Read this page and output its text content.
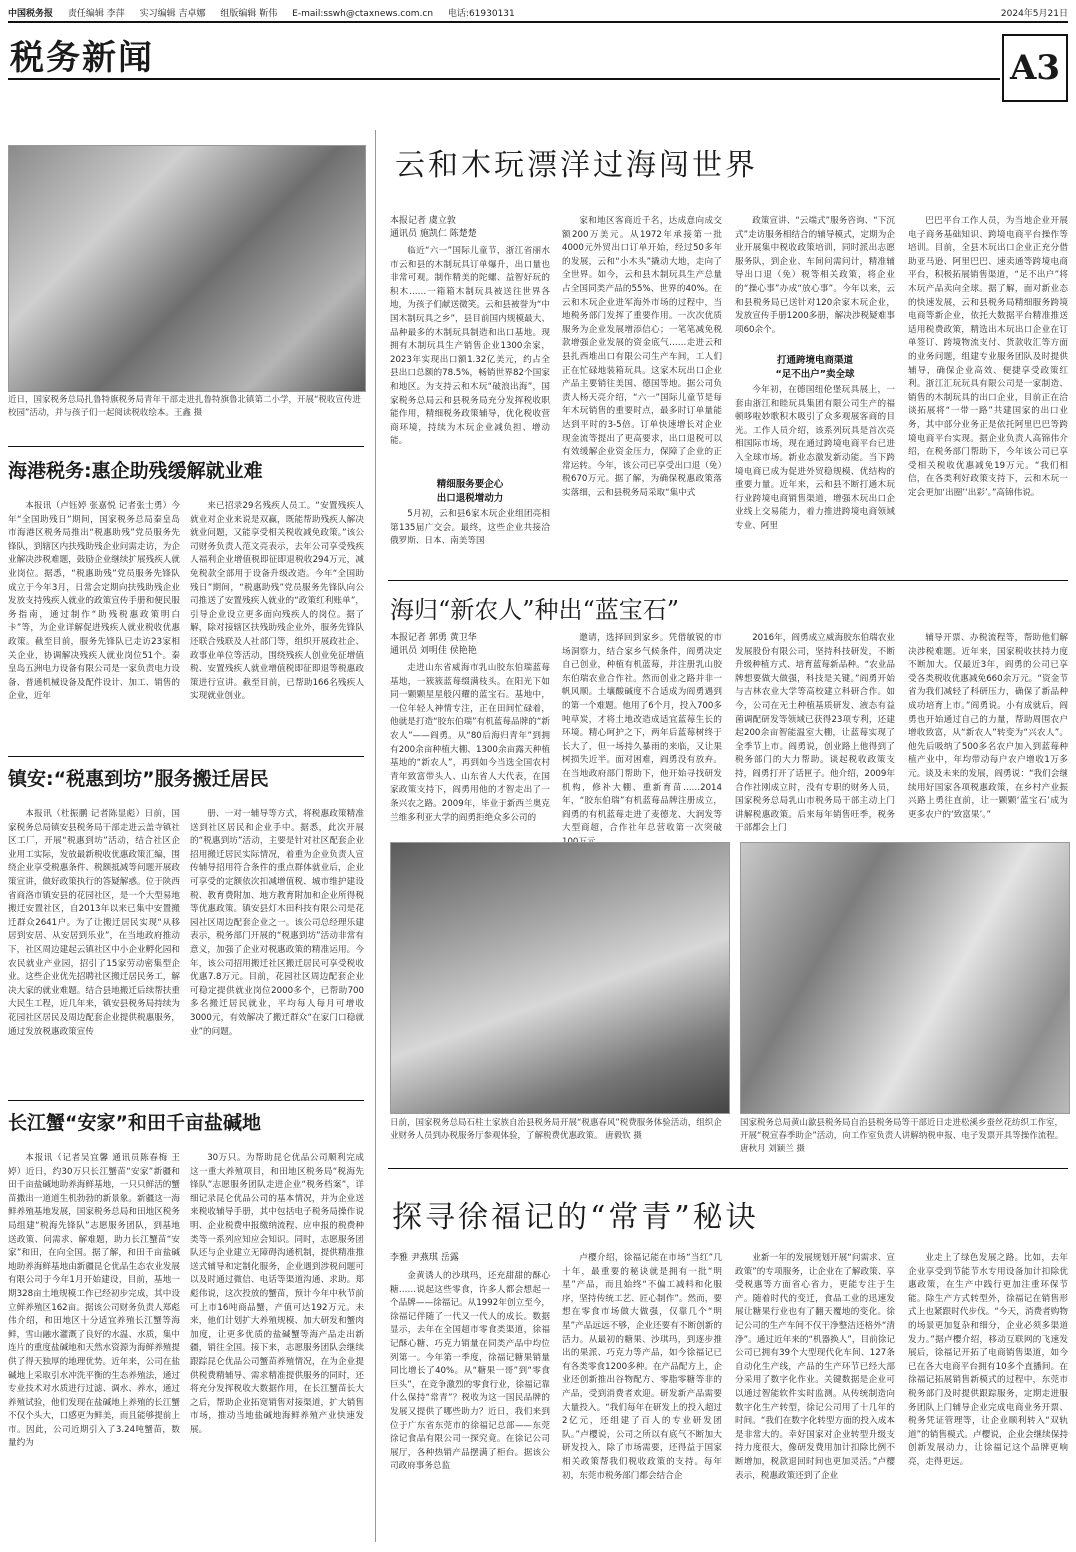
中国税务报 责任编辑 李萍 实习编辑 吉卓娜 组版编辑 靳伟 E-mail:sswh@ctaxnews.com.cn 电话:61930131	2024年5月21日
税务新闻	A3
近日，国家税务总局扎鲁特旗税务局青年干部走进扎鲁特旗鲁北镇第二小学，开展“税收宣传进校园”活动，并与孩子们一起阅读税收绘本。王鑫 摄
海港税务:惠企助残缓解就业难

本报讯（卢钰婷 张嘉悦 记者张士勇）今年“全国助残日”期间，国家税务总局秦皇岛市海港区税务局推出“税惠助残”党员服务先锋队，到辖区内扶残助残企业问需走访，为企业解决涉税难题，鼓励企业继续扩展残疾人就业岗位。据悉，“税惠助残”党员服务先锋队成立于今年3月，日常会定期向扶残助残企业发放支持残疾人就业的政策宣传手册和便民服务指南，通过制作“助残税惠政策明白卡”等，为企业详解促进残疾人就业税收优惠政策。截至目前，服务先锋队已走访23家相关企业，协调解决残疾人就业岗位51个。秦皇岛五洲电力设备有限公司是一家负责电力设备、普通机械设备及配件设计、加工、销售的企业，近年

来已招录29名残疾人员工。“安置残疾人就业对企业来说是双赢，既能帮助残疾人解决就业问题，又能享受相关税收减免政策。”该公司财务负责人范文亮表示，去年公司享受残疾人福利企业增值税即征即退税收294万元，减免税款全部用于设备升级改造。今年“全国助残日”期间，“税惠助残”党员服务先锋队向公司推送了安置残疾人就业的“政策红利账单”，引导企业设立更多面向残疾人的岗位。据了解，除对接辖区扶残助残企业外，服务先锋队还联合残联及人社部门等，组织开展政社企、政事业单位等活动，围绕残疾人创业免征增值税、安置残疾人就业增值税即征即退等税惠政策进行宣讲。截至目前，已帮助166名残疾人实现就业创业。

镇安:“税惠到坊”服务搬迁居民

本报讯（杜振鹏 记者陈显彪）日前，国家税务总局镇安县税务局干部走进云盖寺镇社区工厂，开展“税惠到坊”活动，结合社区企业用工实际，发放最新税收优惠政策汇编，围绕企业享受税惠条件、税额抵减等问题开展政策宣讲，做好政策执行的答疑解惑。位于陕西省商洛市镇安县的花园社区，是一个大型易地搬迁安置社区，自2013年以来已集中安置搬迁群众2641户。为了让搬迁居民实现“从移居到安居、从安居到乐业”，在当地政府推动下，社区周边建起云镇社区中小企业孵化园和农民就业产业园，招引了15家劳动密集型企业。这些企业优先招聘社区搬迁居民务工，解决大家的就业难题。结合县地搬迁后续帮扶重大民生工程，近几年来，镇安县税务局持续为花园社区居民及周边配套企业提供税惠服务，通过发放税惠政策宣传

册、一对一辅导等方式，将税惠政策精准送到社区居民和企业手中。据悉，此次开展的“税惠到坊”活动，主要是针对社区配套企业招用搬迁居民实际情况，着重为企业负责人宣传辅导招用符合条件的重点群体就业后，企业可享受的定额依次扣减增值税、城市维护建设税、教育费附加、地方教育附加和企业所得税等优惠政策。镇安县灯木田科技有限公司是花园社区周边配套企业之一。该公司总经理乐建表示，税务部门开展的“税惠到坊”活动非常有意义，加强了企业对税惠政策的精准运用。今年，该公司招用搬迁社区搬迁居民可享受税收优惠7.8万元。目前，花园社区周边配套企业可稳定提供就业岗位2000多个，已帮助700多名搬迁居民就业，平均每人每月可增收3000元，有效解决了搬迁群众“在家门口稳就业”的问题。

长江蟹“安家”和田千亩盐碱地

本报讯（记者吴宜馨 通讯员陈春梅 王婷）近日，约30万只长江蟹苗“安家”新疆和田千亩盐碱地助养海鲜基地，一只只鲜活的蟹苗撒出一道道生机勃勃的新景象。新疆这一海鲜养殖基地发展，国家税务总局和田地区税务局组建“税海先锋队”志愿服务团队，到基地送政策、问需求、解难题，助力长江蟹苗“安家”和田，在向全国。据了解，和田千亩盐碱地助养海鲜基地由新疆昆仑优品生态农业发展有限公司于今年1月开始建设，目前，基地一期328亩土地规模工作已经初步完成，其中设立鲜养殖区162亩。据该公司财务负责人郑彪伟介绍，和田地区十分适宜养殖长江蟹等海鲜，雪山融水灌溉了良好的水温、水质，集中连片的重度盐碱地和天然水资源为海鲜养殖提供了得天独厚的地理优势。近年来，公司在盐碱地上采取引水冲洗平衡的生态养殖法，通过专业技术对水质进行过滤、调水、养水，通过养殖试验，他们发现在盐碱地上养殖的长江蟹不仅个头大，口感更为鲜美，而且能够提前上市。因此，公司近期引入了3.24吨蟹苗，数量约为

30万只。为帮助昆仑优品公司顺利完成这一重大养殖项目，和田地区税务局“税海先锋队”志愿服务团队走进企业“税务档案”，详细记录昆仑优品公司的基本情况，并为企业送来税收辅导手册，其中包括电子税务局操作说明、企业税费申报缴纳流程、应申报的税费种类等一系列应知应会知识。同时，志愿服务团队还与企业建立无障碍沟通机制，提供精准推送式辅导和定制化服务，企业遇到涉税问题可以及时通过微信、电话等渠道沟通、求助。郑彪伟说，这次投放的蟹苗，预计今年中秋节前可上市16吨商品蟹，产值可达192万元。未来，他们计划扩大养殖规模、加大研发和蟹肉加度，让更多优质的盐碱蟹等海产品走出新疆，销往全国。接下来，志愿服务团队会继续跟踪昆仑优品公司蟹苗养殖情况，在为企业提供税费精辅导、需求精准提供服务的同时，还将充分发挥税收大数据作用，在长江蟹苗长大之后，帮助企业拓宽销售对接渠道，扩大销售市场，推动当地盐碱地海鲜养殖产业快速发展。

云和木玩漂洋过海闯世界
本报记者 虞立敦
通讯员 施凯仁 陈楚楚

临近“六一”国际儿童节，浙江省丽水市云和县的木制玩具订单爆升，出口量也非常可观。制作精美的陀螺、益智好玩的积木……一箱箱木制玩具被送往世界各地，为孩子们献送微笑。云和县被誉为“中国木制玩具之乡”，县目前国内规模最大、品种最多的木制玩具制造和出口基地。现拥有木制玩具生产销售企业1300余家，2023年实现出口额1.32亿美元，约占全县出口总额的78.5%，畅销世界82个国家和地区。为支持云和木玩“破浪出海”，国家税务总局云和县税务局充分发挥税收职能作用，精细税务政策辅导，优化税收营商环境，持续为木玩企业减负担、增动能。

精细服务要企心
出口退税增动力

5月初，云和县6家木玩企业组团亮相第135届广交会。最终，这些企业共接洽俄罗斯、日本、南美等国

家和地区客商近千名，达成意向成交额200万美元。从1972年承接第一批4000元外贸出口订单开始，经过50多年的发展，云和“小木头”撬动大地，走向了全世界。如今，云和县木制玩具生产总量占全国同类产品的55%、世界的40%。在云和木玩企业进军海外市场的过程中，当地税务部门发挥了重要作用。一次次优质服务为企业发展增添信心；一笔笔减免税款增强企业发展的资金底气……走进云和县扎西堆出口有限公司生产车间，工人们正在忙碌地装箱玩具。这家木玩出口企业产品主要销往美国、德国等地。据公司负责人杨天亮介绍，“六一”国际儿童节是每年木玩销售的重要时点，最多时订单量能达到平时的3-5倍。订单快速增长对企业现金流等提出了更高要求，出口退税可以有效缓解企业资金压力，保障了企业的正常运转。今年，该公司已享受出口退（免）税670万元。据了解，为确保税惠政策落实落细，云和县税务局采取“集中式

政策宣讲、“云端式”服务咨询、“下沉式”走访服务相结合的辅导模式，定期为企业开展集中税收政策培训，同时派出志愿服务队，到企业、车间问需问计，精准辅导出口退（免）税等相关政策，将企业的“操心事”办成“放心事”。今年以来，云和县税务局已送针对120余家木玩企业，发放宣传手册1200多册，解决涉税疑难事项60余个。

打通跨境电商渠道
“足不出户”卖全球

今年初，在德国纽伦堡玩具展上，一套由浙江和睦玩具集团有限公司生产的福顿哆啦妙歌积木吸引了众多观展客商的目光。工作人员介绍，该系列玩具是首次亮相国际市场，现在通过跨境电商平台已进入全球市场。新业态激发新动能。当下跨境电商已成为促进外贸稳规模、优结构的重要力量。近年来，云和县不断打通木玩行业跨境电商销售渠道，增强木玩出口企业线上交易能力，着力推进跨境电商领域专业、阿里

巴巴平台工作人员，为当地企业开展电子商务基础知识、跨境电商平台操作等培训。目前，全县木玩出口企业正充分借助亚马逊、阿里巴巴、速卖通等跨境电商平台，积极拓展销售渠道，“足不出户”将木玩产品卖向全球。据了解，面对新业态的快速发展，云和县税务局精细服务跨境电商等新企业，依托大数据平台精准推送适用税费政策，精选出木玩出口企业在订单签订、跨境物流支付、货款收汇等方面的业务问题，组建专业服务团队及时提供辅导，确保企业高效、便捷享受政策红利。浙江汇玩玩具有限公司是一家制造、销售的木制玩具的出口企业，目前正在洽谈拓展将“一带一路”共建国家的出口业务，其中部分业务正是依托阿里巴巴等跨境电商平台实现。据企业负责人高锦伟介绍，在税务部门帮助下，今年该公司已享受相关税收优惠减免19万元。“我们相信，在各类利好政策支持下，云和木玩一定会更加‘出圈’‘出彩’。”高锦伟说。

海归“新农人”种出“蓝宝石”
本报记者 郭勇 黄卫华
通讯员 刘明佳 侯艳艳

走进山东省威海市乳山胶东伯瑞蓝莓基地，一簇簇蓝莓缀满枝头。在阳光下如同一颗颗星星般闪耀的蓝宝石。基地中，一位年轻人神情专注，正在田间忙碌着，他就是打造“胶东伯瑞”有机蓝莓品牌的“新农人”——阎勇。从“80后海归青年”到拥有200余亩种植大棚、1300余亩露天种植基地的“新农人”，再到如今当选全国农村青年致富带头人、山东省人大代表，在国家政策支持下，阎勇用他的才智走出了一条兴农之路。2009年，毕业于新西兰奥克兰维多利亚大学的阎勇拒绝众多公司的

邀请，选择回到家乡。凭借敏锐的市场洞察力，结合家乡气候条件，阎勇决定自己创业，种植有机蓝莓，并注册乳山胶东伯瑞农业合作社。然而创业之路并非一帆风顺。土壤酸碱度不合适成为阎勇遇到的第一个难题。他用了6个月，投入700多吨草炭，才将土地改造成适宜蓝莓生长的环境。精心呵护之下，两年后蓝莓树终于长大了，但一场持久暴雨的来临，又让果树损失近半。面对困难，阎勇没有放弃。在当地政府部门帮助下，他开始寻找研发机构，修补大棚、重新育苗……2014年，“胶东伯瑞”有机蓝莓品牌注册成立，阎勇的有机蓝莓走进了麦德龙、大润发等大型商超，合作社年总营收第一次突破

2016年，阎勇成立威海胶东伯瑞农业发展股份有限公司，坚持科技研发，不断升级种植方式、培育蓝莓新品种。“农业品牌想要做大做强，科技是关键。”阎勇开始与吉林农业大学等高校建立科研合作。如今，公司在无土种植基质研发、液态有益菌调配研发等领域已获得23项专利，还建起200余亩智能温室大棚，让蓝莓实现了全季节上市。阎勇说，创业路上他得到了税务部门的大力帮助。谈起税收政策支持，阎勇打开了话匣子。他介绍，2009年合作社刚成立时，没有专职的财务人员，国家税务总局乳山市税务局干部主动上门讲解税惠政策。后来每年销售旺季，税务干部都会上门

辅导开票、办税流程等，帮助他们解决涉税难题。近年来，国家税收扶持力度不断加大。仅最近3年，阎勇的公司已享受各类税收优惠减免660余万元。“资金节省为我们减轻了科研压力，确保了新品种成功培育上市。”阎勇说。小有成就后，阎勇也开始通过自己的力量，帮助周围农户增收致富，从“新农人”转变为“兴农人”。他先后吸纳了500多名农户加入到蓝莓种植产业中，年均带动每户农户增收1万多元。谈及未来的发展，阎勇说：“我们会继续用好国家各项税惠政策，在乡村产业振兴路上勇往直前，让一颗颗‘蓝宝石’成为更多农户的‘致富果’。”

日前，国家税务总局石柱土家族自治县税务局开展“税惠春风”税费服务体验活动，组织企业财务人员到办税服务厅参观体验，了解税费优惠政策。 唐毅钦 摄
国家税务总局黄山歙县税务局自治县税务局等干部近日走进松溪乡蚕丝花纺织工作室，开展“税宣春季助企”活动，向工作室负责人讲解纳税申报、电子发票开具等操作流程。 唐秋月 刘颖兰 摄
探寻徐福记的“常青”秘诀
李雅 尹燕琪 岳露

金黄诱人的沙琪玛，还充甜甜的酥心糖……说起这些零食，许多人都会想起一个品牌——徐福记。从1992年创立至今，徐福记伴随了一代又一代人的成长。数据显示，去年在全国超市零食类渠道，徐福记酥心糖、巧克力销量在同类产品中均位列第一。今年第一季度，徐福记糖果销量同比增长了40%。从“糖果一哥”到“零食巨头”，在竞争激烈的零食行业，徐福记靠什么保持“常青”？税收为这一国民品牌的发展又提供了哪些助力？近日，我们来到位于广东省东莞市的徐福记总部——东莞徐记食品有限公司一探究竟。在徐记公司展厅，各种热销产品摆满了柜台。据该公司政府事务总监

卢樱介绍，徐福记能在市场“当红”几十年，最重要的秘诀就是拥有一批“明星”产品，而且始终“不偏工减料和化服序，坚持传统工艺、匠心制作”。然而，要想在零食市场做大做强，仅靠几个“明星”产品远远不够，企业还要有不断创新的活力。从最初的糖果、沙琪玛，到逐步推出的果派、巧克力等产品，如今徐福记已有各类零食1200多种。在产品配方上，企业还创新推出谷物配方、零脂零糖等非的产品，受到消费者欢迎。研发新产品需要大量投入。“我们每年在研发上的投入超过2亿元，还组建了百人的专业研发团队。”卢樱说，公司之所以有底气不断加大研发投入，除了市场需要，还得益于国家相关政策帮我们税收政策的支持。每年初，东莞市税务部门都会结合企

业新一年的发展规划开展“问需求、宣政策”的专项服务，让企业在了解政策、享受税惠等方面省心省力，更能专注于生产。随着时代的变迁，食品工业的迅速发展让糖果行业也有了翻天覆地的变化。徐记公司的生产车间不仅干净整洁还格外“清净”。通过近年来的“机器换人”，目前徐记公司已拥有39个大型现代化车间、127条自动化生产线，产品的生产环节已经大部分采用了数字化作业。关键数据是企业可以通过智能软件实时监测。从传统制造向数字化生产转型，徐记公司用了十几年的时间。“我们在数字化转型方面的投入成本是非常大的。幸好国家对企业转型升级支持力度很大，像研发费用加计扣除比例不断增加，税款退回时间也更加灵活。”卢樱表示，税惠政策还到了企业

业走上了绿色发展之路。比如，去年企业享受到节能节水专用设备加计扣除优惠政策，在生产中践行更加注重环保节能。除生产方式转型外，徐福记在销售形式上也紧跟时代步伐。“今天，消费者购物的场景更加复杂和细分，企业必须多渠道发力。”据卢樱介绍，移动互联网的飞速发展后，徐福记开拓了电商销售渠道，如今已在各大电商平台拥有10多个直播间。在徐福记拓展销售新模式的过程中，东莞市税务部门及时提供跟踪服务，定期走进服务团队上门辅导企业完成电商业务开票、税务凭证管理等，让企业顺利转入“双轨道”的销售模式。卢樱说，企业会继续保持创新发展动力，让徐福记这个品牌更响亮，走得更远。
